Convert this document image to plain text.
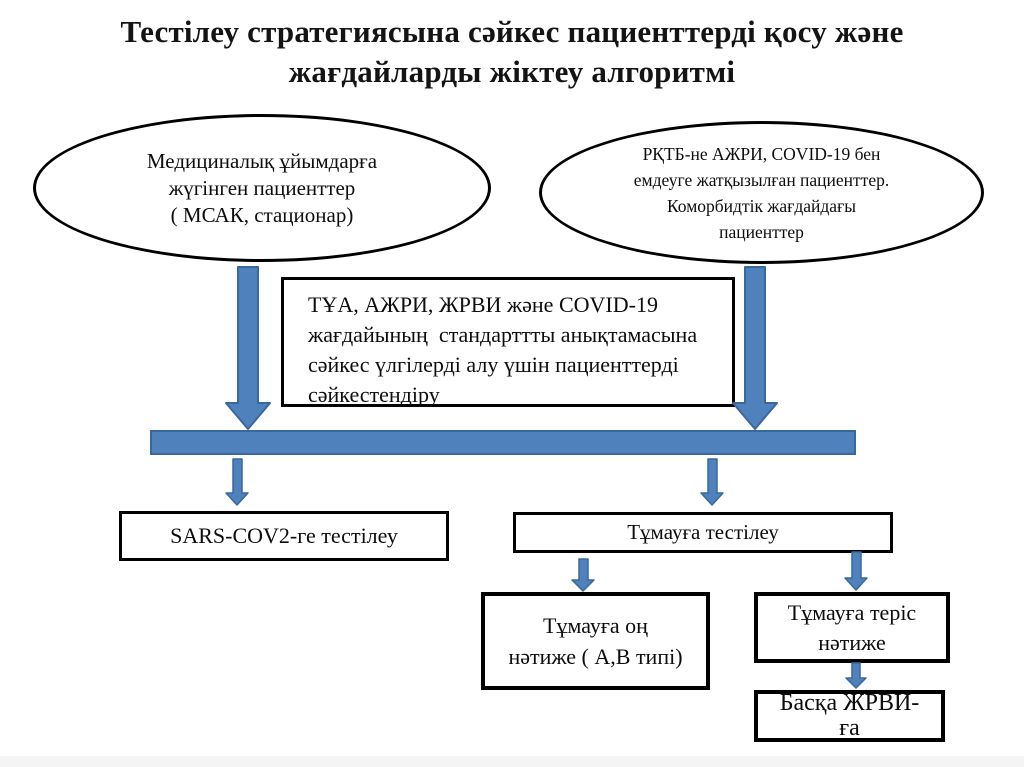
Тестілеу стратегиясына сәйкес пациенттерді қосу және
жағдайларды жіктеу алгоритмі
Медициналық ұйымдарға
жүгінген пациенттер
( МСАК, стационар)
РҚТБ-не АЖРИ, COVID-19 бен
емдеуге жатқызылған пациенттер.
Коморбидтік жағдайдағы
пациенттер
ТҰА, АЖРИ, ЖРВИ және COVID-19
жағдайының  стандарттты анықтамасына
сәйкес үлгілерді алу үшін пациенттерді
сәйкестендіру
SARS-COV2-ге тестілеу	Тұмауға тестілеу
Тұмауға оң
нәтиже ( А,В типі)
Тұмауға теріс
нәтиже
Басқа ЖРВИ-
ға
